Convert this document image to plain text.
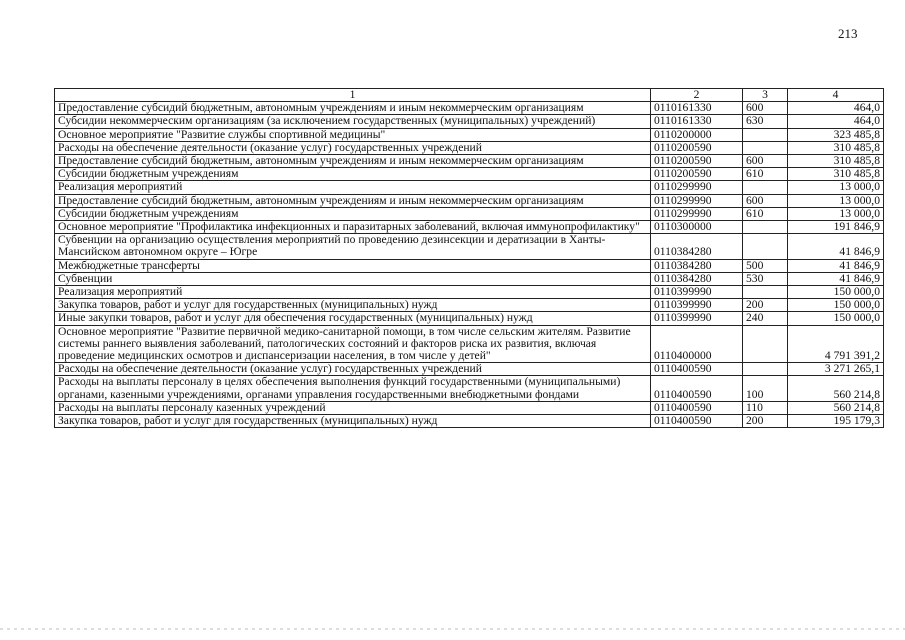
213
1	2	3	4
Предоставление субсидий бюджетным, автономным учреждениям и иным некоммерческим организациям	0110161330	600	464,0
Субсидии некоммерческим организациям (за исключением государственных (муниципальных) учреждений)	0110161330	630	464,0
Основное мероприятие "Развитие службы спортивной медицины"	0110200000		323 485,8
Расходы на обеспечение деятельности (оказание услуг) государственных учреждений	0110200590		310 485,8
Предоставление субсидий бюджетным, автономным учреждениям и иным некоммерческим организациям	0110200590	600	310 485,8
Субсидии бюджетным учреждениям	0110200590	610	310 485,8
Реализация мероприятий	0110299990		13 000,0
Предоставление субсидий бюджетным, автономным учреждениям и иным некоммерческим организациям	0110299990	600	13 000,0
Субсидии бюджетным учреждениям	0110299990	610	13 000,0
Основное мероприятие "Профилактика инфекционных и паразитарных заболеваний, включая иммунопрофилактику"	0110300000		191 846,9
Субвенции на организацию осуществления мероприятий по проведению дезинсекции и дератизации в Ханты-Мансийском автономном округе – Югре	0110384280		41 846,9
Межбюджетные трансферты	0110384280	500	41 846,9
Субвенции	0110384280	530	41 846,9
Реализация мероприятий	0110399990		150 000,0
Закупка товаров, работ и услуг для государственных (муниципальных) нужд	0110399990	200	150 000,0
Иные закупки товаров, работ и услуг для обеспечения государственных (муниципальных) нужд	0110399990	240	150 000,0
Основное мероприятие "Развитие первичной медико-санитарной помощи, в том числе сельским жителям. Развитие системы раннего выявления заболеваний, патологических состояний и факторов риска их развития, включая проведение медицинских осмотров и диспансеризации населения, в том числе у детей"	0110400000		4 791 391,2
Расходы на обеспечение деятельности (оказание услуг) государственных учреждений	0110400590		3 271 265,1
Расходы на выплаты персоналу в целях обеспечения выполнения функций государственными (муниципальными) органами, казенными учреждениями, органами управления государственными внебюджетными фондами	0110400590	100	560 214,8
Расходы на выплаты персоналу казенных учреждений	0110400590	110	560 214,8
Закупка товаров, работ и услуг для государственных (муниципальных) нужд	0110400590	200	195 179,3
